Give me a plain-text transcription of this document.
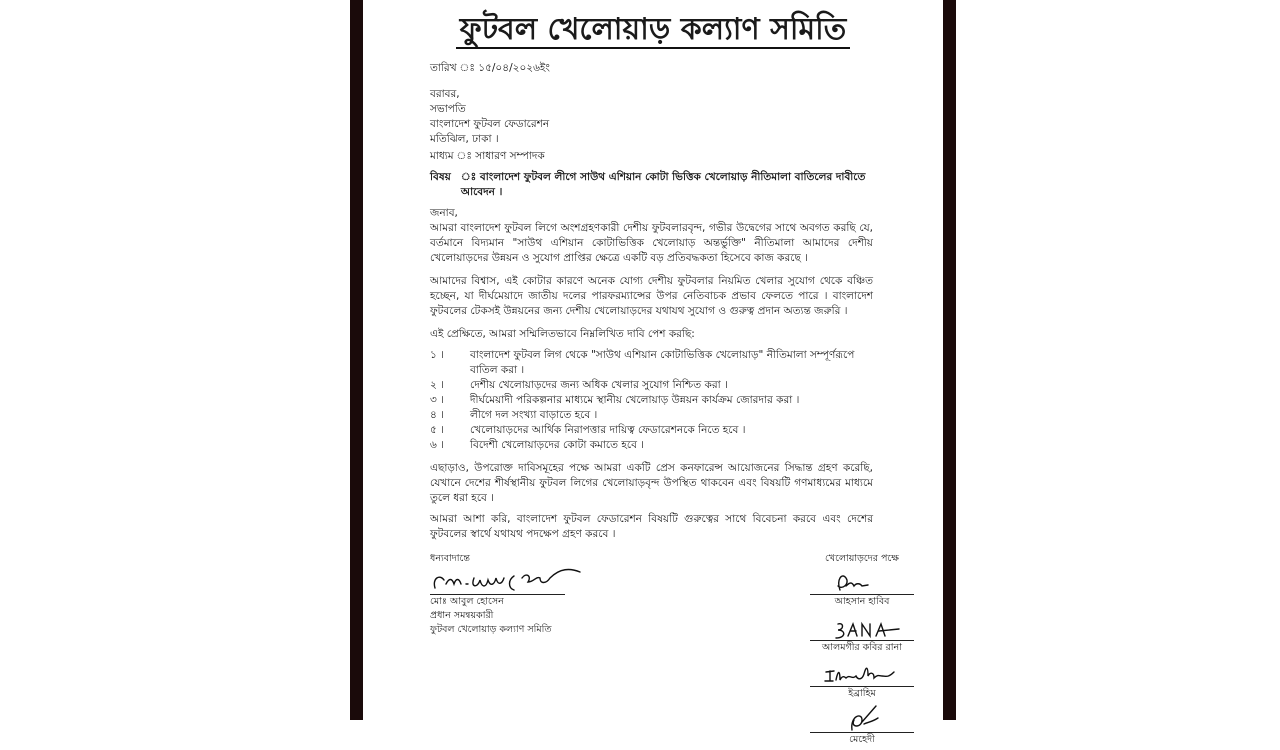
ফুটবল খেলোয়াড় কল্যাণ সমিতি
তারিখ ঃ ১৫/০৪/২০২৬ইং
বরাবর,
সভাপতি
বাংলাদেশ ফুটবল ফেডারেশন
মতিঝিল, ঢাকা ।
মাধ্যম ঃ সাধারণ সম্পাদক
বিষয় ঃ বাংলাদেশ ফুটবল লীগে সাউথ এশিয়ান কোটা ভিত্তিক খেলোয়াড় নীতিমালা বাতিলের দাবীতে আবেদন ।
জনাব,
আমরা বাংলাদেশ ফুটবল লিগে অংশগ্রহণকারী দেশীয় ফুটবলারবৃন্দ, গভীর উদ্বেগের সাথে অবগত করছি যে, বর্তমানে বিদ্যমান "সাউথ এশিয়ান কোটাভিত্তিক খেলোয়াড় অন্তর্ভুক্তি" নীতিমালা আমাদের দেশীয় খেলোয়াড়দের উন্নয়ন ও সুযোগ প্রাপ্তির ক্ষেত্রে একটি বড় প্রতিবদ্ধকতা হিসেবে কাজ করছে ।
আমাদের বিশ্বাস, এই কোটার কারণে অনেক যোগ্য দেশীয় ফুটবলার নিয়মিত খেলার সুযোগ থেকে বঞ্চিত হচ্ছেন, যা দীর্ঘমেয়াদে জাতীয় দলের পারফরম্যান্সের উপর নেতিবাচক প্রভাব ফেলতে পারে । বাংলাদেশ ফুটবলের টেকসই উন্নয়নের জন্য দেশীয় খেলোয়াড়দের যথাযথ সুযোগ ও গুরুত্ব প্রদান অত্যন্ত জরুরি ।
এই প্রেক্ষিতে, আমরা সম্মিলিতভাবে নিম্নলিখিত দাবি পেশ করছি:
১ ।	বাংলাদেশ ফুটবল লিগ থেকে "সাউথ এশিয়ান কোটাভিত্তিক খেলোয়াড়" নীতিমালা সম্পূর্ণরূপে বাতিল করা ।
২ ।	দেশীয় খেলোয়াড়দের জন্য অধিক খেলার সুযোগ নিশ্চিত করা ।
৩ ।	দীর্ঘমেয়াদী পরিকল্পনার মাধ্যমে স্থানীয় খেলোয়াড় উন্নয়ন কার্যক্রম জোরদার করা ।
৪ ।	লীগে দল সংখ্যা বাড়াতে হবে ।
৫ ।	খেলোয়াড়দের আর্থিক নিরাপত্তার দায়িত্ব ফেডারেশনকে নিতে হবে ।
৬ ।	বিদেশী খেলোয়াড়দের কোটা কমাতে হবে ।
এছাড়াও, উপরোক্ত দাবিসমূহের পক্ষে আমরা একটি প্রেস কনফারেন্স আয়োজনের সিদ্ধান্ত গ্রহণ করেছি, যেখানে দেশের শীর্ষস্থানীয় ফুটবল লিগের খেলোয়াড়বৃন্দ উপস্থিত থাকবেন এবং বিষয়টি গণমাধ্যমের মাধ্যমে তুলে ধরা হবে ।
আমরা আশা করি, বাংলাদেশ ফুটবল ফেডারেশন বিষয়টি গুরুত্বের সাথে বিবেচনা করবে এবং দেশের ফুটবলের স্বার্থে যথাযথ পদক্ষেপ গ্রহণ করবে ।
ধন্যবাদান্তে
মোঃ আবুল হোসেন
প্রধান সমন্বয়কারী
ফুটবল খেলোয়াড় কল্যাণ সমিতি
খেলোয়াড়দের পক্ষে
আহসান হাবিব
আলমগীর কবির রানা
ইব্রাহিম
মেহেদী
